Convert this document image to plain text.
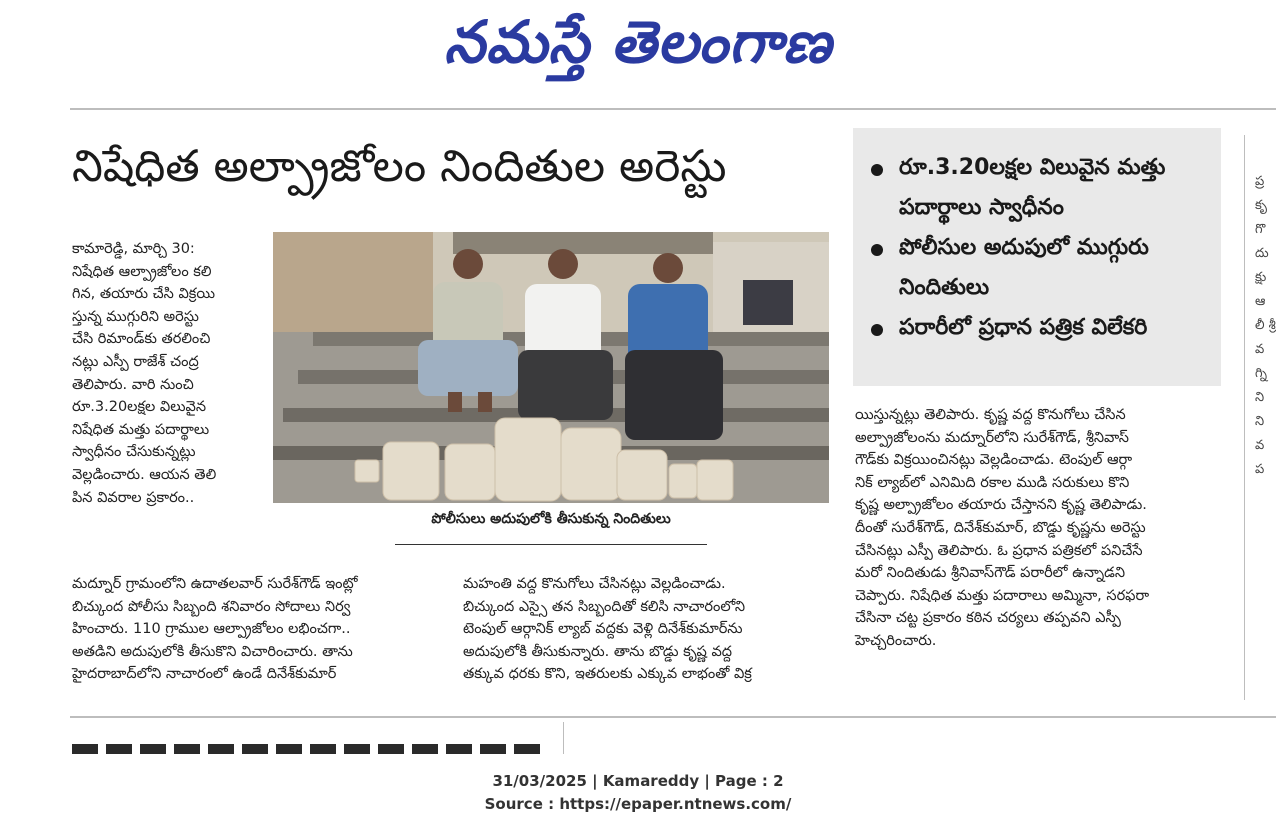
నమస్తే తెలంగాణ
నిషేధిత అల్ప్రాజోలం నిందితుల అరెస్టు	రూ.3.20లక్షల విలువైన మత్తు పదార్థాలు స్వాధీనం
పోలీసుల అదుపులో ముగ్గురు నిందితులు
పరారీలో ప్రధాన పత్రిక విలేకరి
కామారెడ్డి, మార్చి 30:
నిషేధిత ఆల్ప్రాజోలం కలి
గిన, తయారు చేసి విక్రయి
స్తున్న ముగ్గురిని అరెస్టు
చేసి రిమాండ్‌కు తరలించి
నట్లు ఎస్పీ రాజేశ్ చంద్ర
తెలిపారు. వారి నుంచి
రూ.3.20లక్షల విలువైన
నిషేధిత మత్తు పదార్థాలు
స్వాధీనం చేసుకున్నట్లు
వెల్లడించారు. ఆయన తెలి
పిన వివరాల ప్రకారం..
మద్నూర్ గ్రామంలోని ఉదాతలవార్ సురేశ్‌గౌడ్ ఇంట్లో
బిచ్కుంద పోలీసు సిబ్బంది శనివారం సోదాలు నిర్వ
హించారు. 110 గ్రాముల ఆల్ప్రాజోలం లభించగా..
అతడిని అదుపులోకి తీసుకొని విచారించారు. తాను
హైదరాబాద్‌లోని నాచారంలో ఉండే దినేశ్‌కుమార్
పోలీసులు అదుపులోకి తీసుకున్న నిందితులు
మహంతి వద్ద కొనుగోలు చేసినట్లు వెల్లడించాడు.
బిచ్కుంద ఎస్సై తన సిబ్బందితో కలిసి నాచారంలోని
టెంపుల్ ఆర్గానిక్ ల్యాబ్ వద్దకు వెళ్లి దినేశ్‌కుమార్‌ను
అదుపులోకి తీసుకున్నారు. తాను బొడ్డు కృష్ణ వద్ద
తక్కువ ధరకు కొని, ఇతరులకు ఎక్కువ లాభంతో విక్ర
యిస్తున్నట్లు తెలిపారు. కృష్ణ వద్ద కొనుగోలు చేసిన
అల్ప్రాజోలంను మద్నూర్‌లోని సురేశ్‌గౌడ్, శ్రీనివాస్
గౌడ్‌కు విక్రయించినట్లు వెల్లడించాడు. టెంపుల్ ఆర్గా
నిక్ ల్యాబ్‌లో ఎనిమిది రకాల ముడి సరుకులు కొని
కృష్ణ అల్ప్రాజోలం తయారు చేస్తానని కృష్ణ తెలిపాడు.
దీంతో సురేశ్‌గౌడ్, దినేశ్‌కుమార్, బొడ్డు కృష్ణను అరెస్టు
చేసినట్లు ఎస్పీ తెలిపారు. ఓ ప్రధాన పత్రికలో పనిచేసే
మరో నిందితుడు శ్రీనివాస్‌గౌడ్ పరారీలో ఉన్నాడని
చెప్పారు. నిషేధిత మత్తు పదారాలు అమ్మినా, సరఫరా
చేసినా చట్ట ప్రకారం కఠిన చర్యలు తప్పవని ఎస్పీ
హెచ్చరించారు.
ప్ర కృ గొ దు క్షు ఆ లీ శ్రీ వ గ్ని ని ని వ ప
31/03/2025 | Kamareddy | Page : 2
Source : https://epaper.ntnews.com/
